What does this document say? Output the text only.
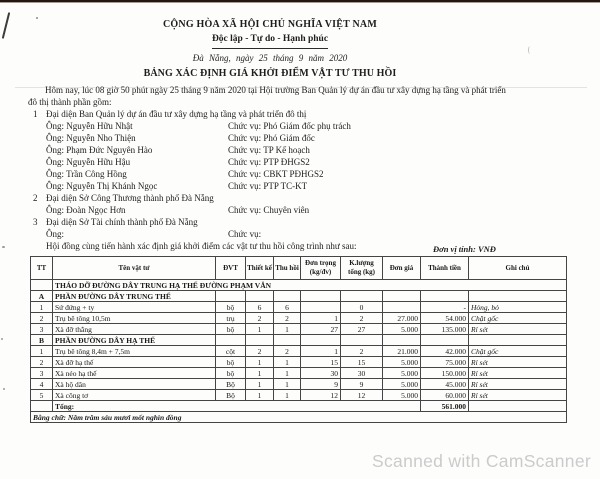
CỘNG HÒA XÃ HỘI CHỦ NGHĨA VIỆT NAM
Độc lập - Tự do - Hạnh phúc
Đà Nẵng, ngày 25 tháng 9 năm 2020
BẢNG XÁC ĐỊNH GIÁ KHỞI ĐIỂM VẬT TƯ THU HỒI
Hôm nay, lúc 08 giờ 50 phút ngày 25 tháng 9 năm 2020 tại Hội trường Ban Quản lý dự án đầu tư xây dựng hạ tầng và phát triển
đô thị thành phần gồm:
1 Đại diện Ban Quản lý dự án đầu tư xây dựng hạ tầng và phát triển đô thị
Ông: Nguyễn Hữu Nhật	Chức vụ: Phó Giám đốc phụ trách
Ông: Nguyễn Nho Thiện	Chức vụ: Phó Giám đốc
Ông: Phạm Đức Nguyên Hào	Chức vụ: TP Kế hoạch
Ông: Nguyễn Hữu Hậu	Chức vụ: PTP ĐHGS2
Ông: Trần Công Hồng	Chức vụ: CBKT PĐHGS2
Ông: Nguyễn Thị Khánh Ngọc	Chức vụ: PTP TC-KT
2 Đại diện Sở Công Thương thành phố Đà Nẵng
Ông: Đoàn Ngọc Hơn	Chức vụ: Chuyên viên
3 Đại diện Sở Tài chính thành phố Đà Nẵng
Ông:	Chức vụ:
Hội đồng cùng tiến hành xác định giá khởi điểm các vật tư thu hồi công trình như sau:	Đơn vị tính: VNĐ
TT	Tên vật tư	ĐVT	Thiết kế	Thu hồi	Đơn trọng (kg/đv)	K.lượng tổng (kg)	Đơn giá	Thành tiền	Ghi chú
	THÁO DỠ ĐƯỜNG DÂY TRUNG HẠ THẾ ĐƯỜNG PHẠM VĂN								
A	PHẦN ĐƯỜNG DÂY TRUNG THẾ								
1	Sứ đứng + ty	bộ	6	6		0		-	Hỏng, bỏ
2	Trụ bê tông 10,5m	trụ	2	2	1	2	27.000	54.000	Chặt gốc
3	Xà đỡ thẳng	bộ	1	1	27	27	5.000	135.000	Rỉ sét
B	PHẦN ĐƯỜNG DÂY HẠ THẾ								
1	Trụ bê tông 8,4m + 7,5m	cột	2	2	1	2	21.000	42.000	Chặt gốc
2	Xà đỡ hạ thế	bộ	1	1	15	15	5.000	75.000	Rỉ sét
3	Xà néo hạ thế	bộ	1	1	30	30	5.000	150.000	Rỉ sét
4	Xà hộ dân	Bộ	1	1	9	9	5.000	45.000	Rỉ sét
5	Xà công tơ	Bộ	1	1	12	12	5.000	60.000	Rỉ sét
	Tổng:							561.000	
Bằng chữ: Năm trăm sáu mươi mốt nghìn đồng									
Scanned with CamScanner
